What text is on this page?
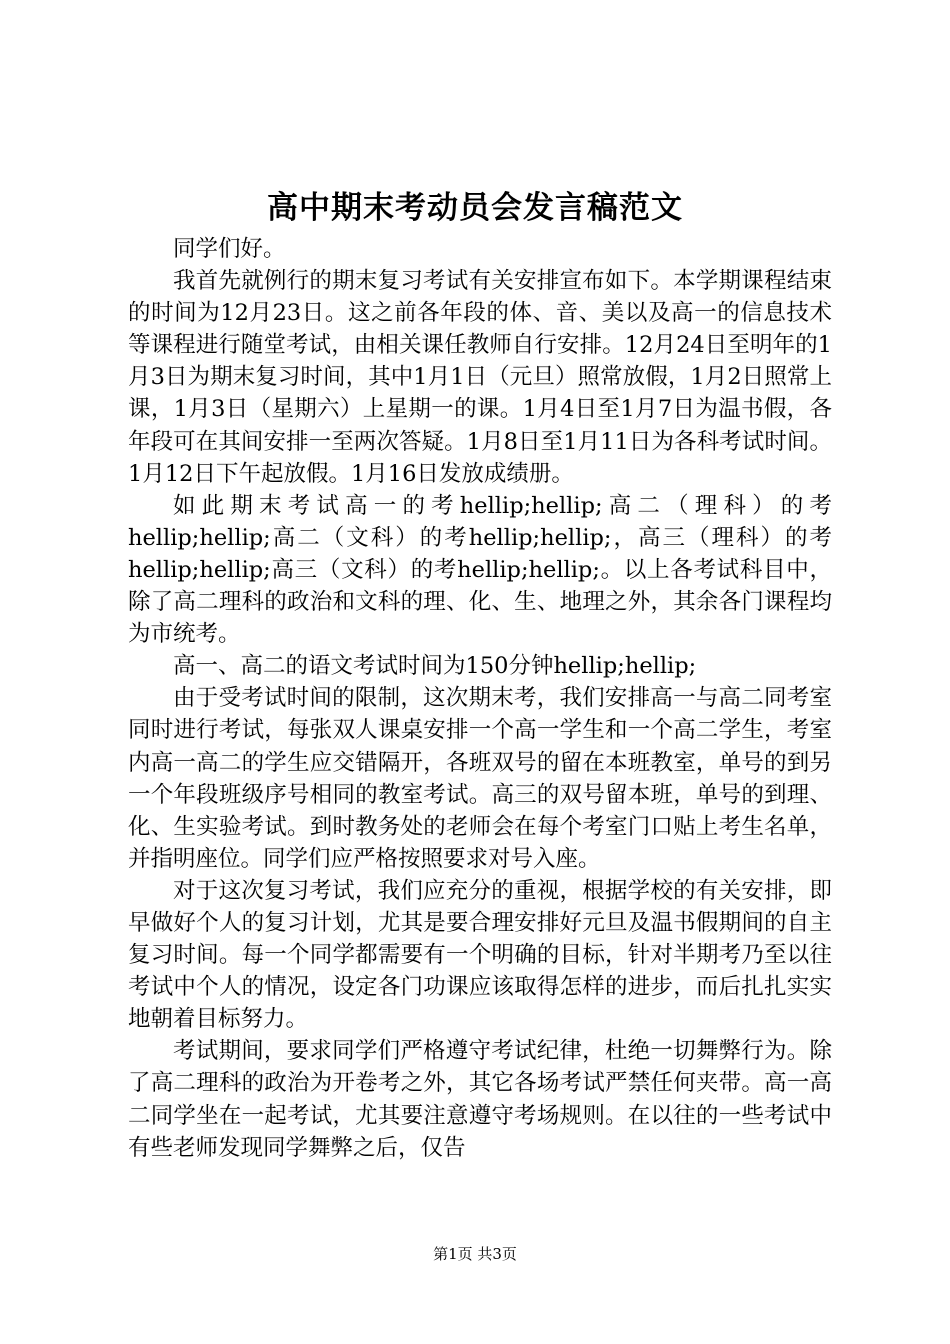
高中期末考动员会发言稿范文

同学们好。

我首先就例行的期末复习考试有关安排宣布如下。本学期课程结束的时间为12月23日。这之前各年段的体、音、美以及高一的信息技术等课程进行随堂考试，由相关课任教师自行安排。12月24日至明年的1月3日为期末复习时间，其中1月1日（元旦）照常放假，1月2日照常上课，1月3日（星期六）上星期一的课。1月4日至1月7日为温书假，各年段可在其间安排一至两次答疑。1月8日至1月11日为各科考试时间。1月12日下午起放假。1月16日发放成绩册。

如此期末考试高一的考hellip;hellip;高二（理科）的考hellip;hellip;高二（文科）的考hellip;hellip;，高三（理科）的考hellip;hellip;高三（文科）的考hellip;hellip;。以上各考试科目中，除了高二理科的政治和文科的理、化、生、地理之外，其余各门课程均为市统考。

高一、高二的语文考试时间为150分钟hellip;hellip;

由于受考试时间的限制，这次期末考，我们安排高一与高二同考室同时进行考试，每张双人课桌安排一个高一学生和一个高二学生，考室内高一高二的学生应交错隔开，各班双号的留在本班教室，单号的到另一个年段班级序号相同的教室考试。高三的双号留本班，单号的到理、化、生实验考试。到时教务处的老师会在每个考室门口贴上考生名单，并指明座位。同学们应严格按照要求对号入座。

对于这次复习考试，我们应充分的重视，根据学校的有关安排，即早做好个人的复习计划，尤其是要合理安排好元旦及温书假期间的自主复习时间。每一个同学都需要有一个明确的目标，针对半期考乃至以往考试中个人的情况，设定各门功课应该取得怎样的进步，而后扎扎实实地朝着目标努力。

考试期间，要求同学们严格遵守考试纪律，杜绝一切舞弊行为。除了高二理科的政治为开卷考之外，其它各场考试严禁任何夹带。高一高二同学坐在一起考试，尤其要注意遵守考场规则。在以往的一些考试中有些老师发现同学舞弊之后，仅告

第1页 共3页
